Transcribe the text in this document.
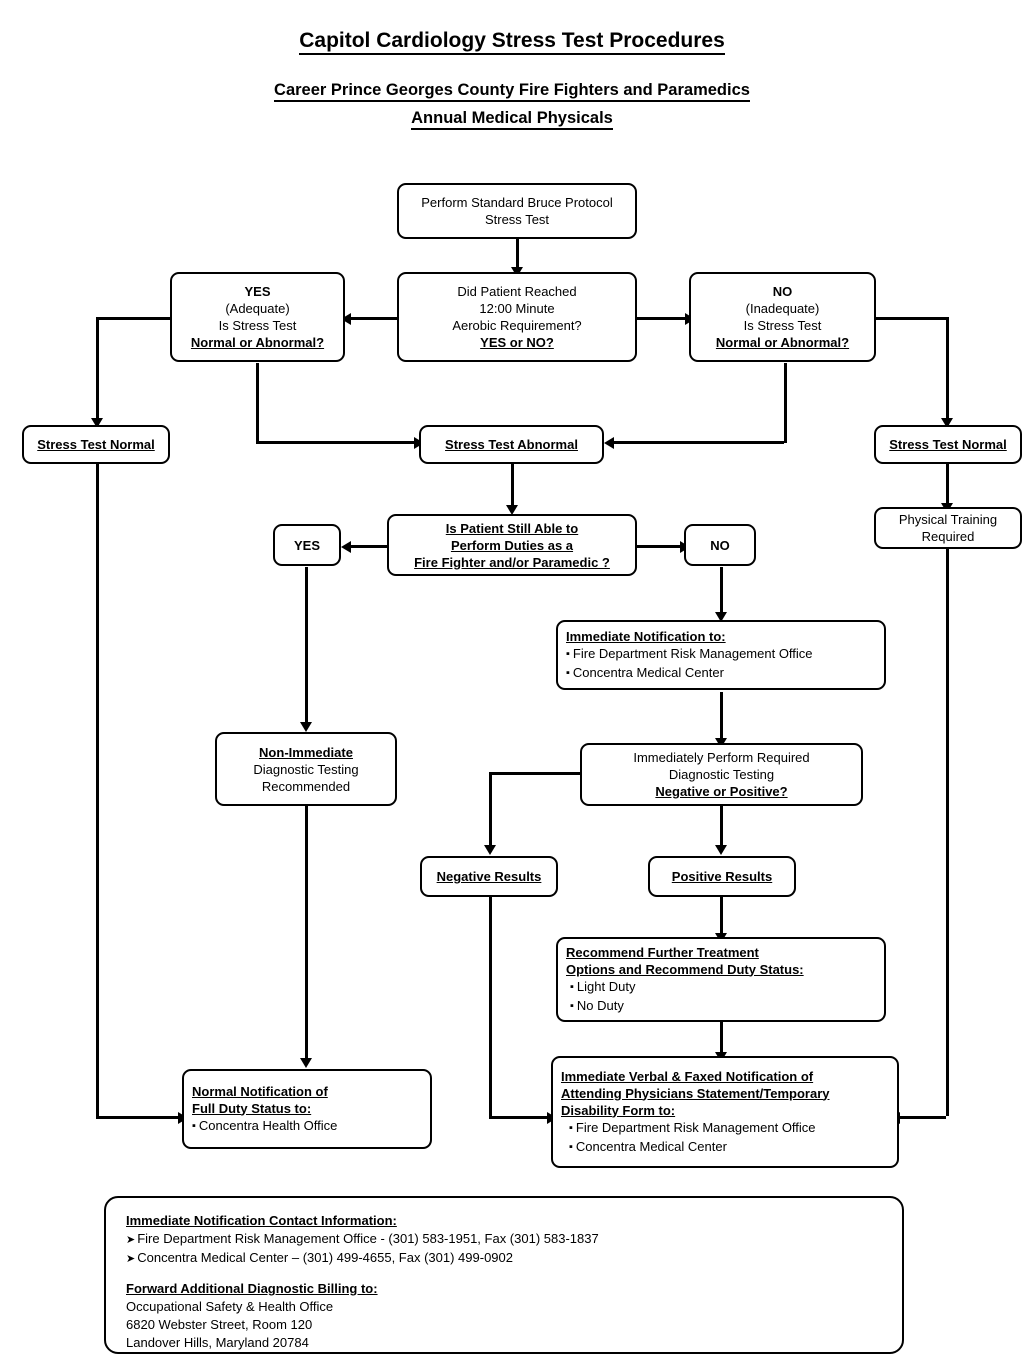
Capitol Cardiology Stress Test Procedures
Career Prince Georges County Fire Fighters and Paramedics
Annual Medical Physicals
Perform Standard Bruce Protocol
Stress Test
Did Patient Reached
12:00 Minute
Aerobic Requirement?
YES or NO?
YES
(Adequate)
Is Stress Test
Normal or Abnormal?
NO
(Inadequate)
Is Stress Test
Normal or Abnormal?
Stress Test Normal	Stress Test Abnormal	Stress Test Normal
Physical Training
Required
Is Patient Still Able to
Perform Duties as a
Fire Fighter and/or Paramedic ?
YES	NO
Immediate Notification to:
▪ Fire Department Risk Management Office
▪ Concentra Medical Center
Non-Immediate
Diagnostic Testing
Recommended
Immediately Perform Required
Diagnostic Testing
Negative or Positive?
Negative Results	Positive Results
Recommend Further Treatment
Options and Recommend Duty Status:
▪ Light Duty
▪ No Duty
Normal Notification of
Full Duty Status to:
▪ Concentra Health Office
Immediate Verbal & Faxed Notification of
Attending Physicians Statement/Temporary
Disability Form to:
▪ Fire Department Risk Management Office
▪ Concentra Medical Center
Immediate Notification Contact Information:
➤ Fire Department Risk Management Office - (301) 583-1951, Fax (301) 583-1837
➤ Concentra Medical Center – (301) 499-4655, Fax (301) 499-0902
Forward Additional Diagnostic Billing to:
Occupational Safety & Health Office
6820 Webster Street, Room 120
Landover Hills, Maryland 20784
